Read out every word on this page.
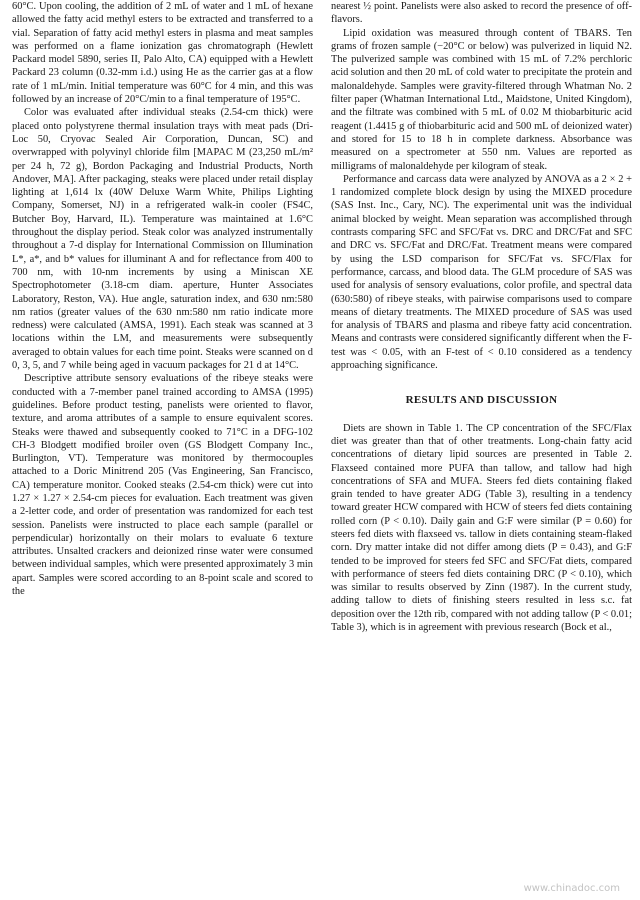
60°C. Upon cooling, the addition of 2 mL of water and 1 mL of hexane allowed the fatty acid methyl esters to be extracted and transferred to a vial. Separation of fatty acid methyl esters in plasma and meat samples was performed on a flame ionization gas chromatograph (Hewlett Packard model 5890, series II, Palo Alto, CA) equipped with a Hewlett Packard 23 column (0.32-mm i.d.) using He as the carrier gas at a flow rate of 1 mL/min. Initial temperature was 60°C for 4 min, and this was followed by an increase of 20°C/min to a final temperature of 195°C.

Color was evaluated after individual steaks (2.54-cm thick) were placed onto polystyrene thermal insulation trays with meat pads (Dri-Loc 50, Cryovac Sealed Air Corporation, Duncan, SC) and overwrapped with polyvinyl chloride film [MAPAC M (23,250 mL/m² per 24 h, 72 g), Bordon Packaging and Industrial Products, North Andover, MA]. After packaging, steaks were placed under retail display lighting at 1,614 lx (40W Deluxe Warm White, Philips Lighting Company, Somerset, NJ) in a refrigerated walk-in cooler (FS4C, Butcher Boy, Harvard, IL). Temperature was maintained at 1.6°C throughout the display period. Steak color was analyzed instrumentally throughout a 7-d display for International Commission on Illumination L*, a*, and b* values for illuminant A and for reflectance from 400 to 700 nm, with 10-nm increments by using a Miniscan XE Spectrophotometer (3.18-cm diam. aperture, Hunter Associates Laboratory, Reston, VA). Hue angle, saturation index, and 630 nm:580 nm ratios (greater values of the 630 nm:580 nm ratio indicate more redness) were calculated (AMSA, 1991). Each steak was scanned at 3 locations within the LM, and measurements were subsequently averaged to obtain values for each time point. Steaks were scanned on d 0, 3, 5, and 7 while being aged in vacuum packages for 21 d at 14°C.

Descriptive attribute sensory evaluations of the ribeye steaks were conducted with a 7-member panel trained according to AMSA (1995) guidelines. Before product testing, panelists were oriented to flavor, texture, and aroma attributes of a sample to ensure equivalent scores. Steaks were thawed and subsequently cooked to 71°C in a DFG-102 CH-3 Blodgett modified broiler oven (GS Blodgett Company Inc., Burlington, VT). Temperature was monitored by thermocouples attached to a Doric Minitrend 205 (Vas Engineering, San Francisco, CA) temperature monitor. Cooked steaks (2.54-cm thick) were cut into 1.27 × 1.27 × 2.54-cm pieces for evaluation. Each treatment was given a 2-letter code, and order of presentation was randomized for each test session. Panelists were instructed to place each sample (parallel or perpendicular) horizontally on their molars to evaluate 6 texture attributes. Unsalted crackers and deionized rinse water were consumed between individual samples, which were presented approximately 3 min apart. Samples were scored according to an 8-point scale and scored to the

nearest ½ point. Panelists were also asked to record the presence of off-flavors.

Lipid oxidation was measured through content of TBARS. Ten grams of frozen sample (−20°C or below) was pulverized in liquid N2. The pulverized sample was combined with 15 mL of 7.2% perchloric acid solution and then 20 mL of cold water to precipitate the protein and malonaldehyde. Samples were gravity-filtered through Whatman No. 2 filter paper (Whatman International Ltd., Maidstone, United Kingdom), and the filtrate was combined with 5 mL of 0.02 M thiobarbituric acid reagent (1.4415 g of thiobarbituric acid and 500 mL of deionized water) and stored for 15 to 18 h in complete darkness. Absorbance was measured on a spectrometer at 550 nm. Values are reported as milligrams of malonaldehyde per kilogram of steak.

Performance and carcass data were analyzed by ANOVA as a 2 × 2 + 1 randomized complete block design by using the MIXED procedure (SAS Inst. Inc., Cary, NC). The experimental unit was the individual animal blocked by weight. Mean separation was accomplished through contrasts comparing SFC and SFC/Fat vs. DRC and DRC/Fat and SFC and DRC vs. SFC/Fat and DRC/Fat. Treatment means were compared by using the LSD comparison for SFC/Fat vs. SFC/Flax for performance, carcass, and blood data. The GLM procedure of SAS was used for analysis of sensory evaluations, color profile, and spectral data (630:580) of ribeye steaks, with pairwise comparisons used to compare means of dietary treatments. The MIXED procedure of SAS was used for analysis of TBARS and plasma and ribeye fatty acid concentration. Means and contrasts were considered significantly different when the F-test was < 0.05, with an F-test of < 0.10 considered as a tendency approaching significance.

RESULTS AND DISCUSSION

Diets are shown in Table 1. The CP concentration of the SFC/Flax diet was greater than that of other treatments. Long-chain fatty acid concentrations of dietary lipid sources are presented in Table 2. Flaxseed contained more PUFA than tallow, and tallow had high concentrations of SFA and MUFA. Steers fed diets containing flaked grain tended to have greater ADG (Table 3), resulting in a tendency toward greater HCW compared with HCW of steers fed diets containing rolled corn (P < 0.10). Daily gain and G:F were similar (P = 0.60) for steers fed diets with flaxseed vs. tallow in diets containing steam-flaked corn. Dry matter intake did not differ among diets (P = 0.43), and G:F tended to be improved for steers fed SFC and SFC/Fat diets, compared with performance of steers fed diets containing DRC (P < 0.10), which was similar to results observed by Zinn (1987). In the current study, adding tallow to diets of finishing steers resulted in less s.c. fat deposition over the 12th rib, compared with not adding tallow (P < 0.01; Table 3), which is in agreement with previous research (Bock et al.,

www.chinadoc.com
